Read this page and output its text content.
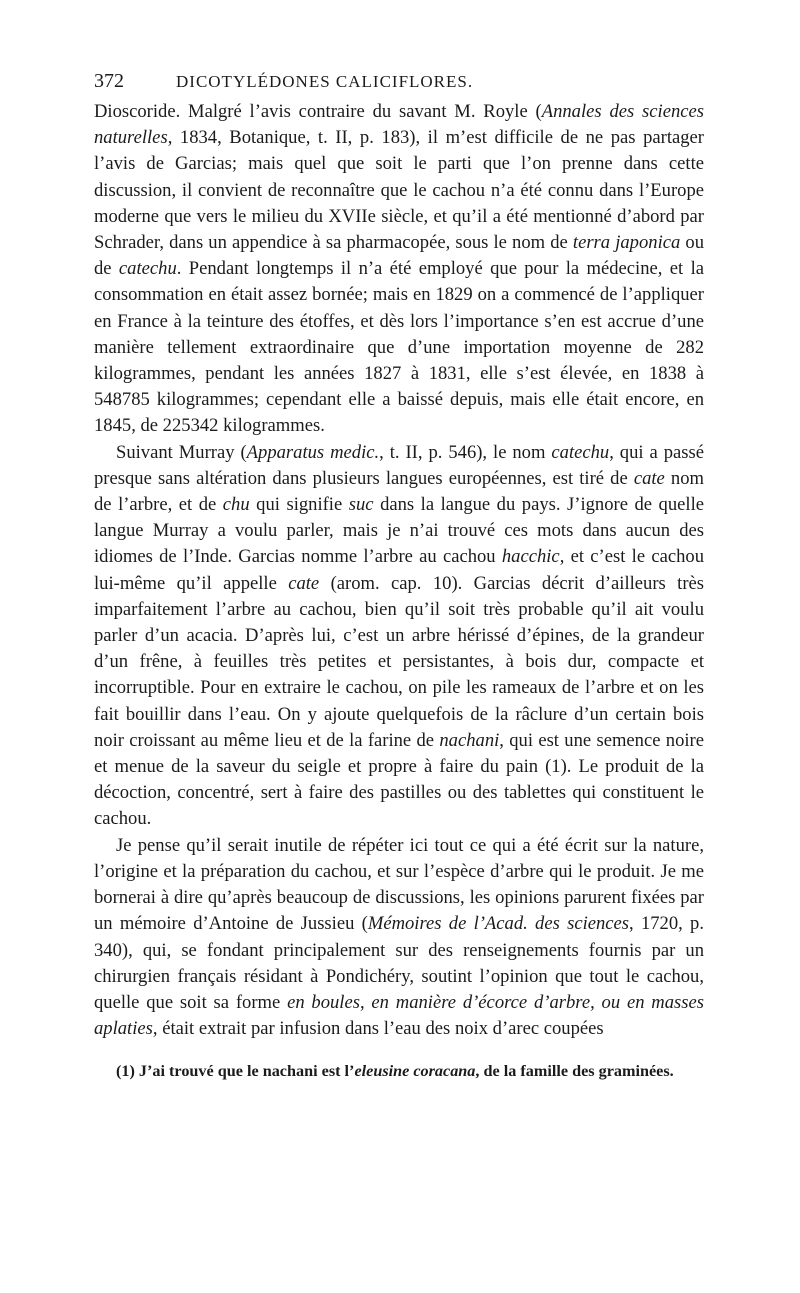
372	DICOTYLÉDONES CALICIFLORES.

Dioscoride. Malgré l’avis contraire du savant M. Royle (Annales des sciences naturelles, 1834, Botanique, t. II, p. 183), il m’est difficile de ne pas partager l’avis de Garcias; mais quel que soit le parti que l’on prenne dans cette discussion, il convient de reconnaître que le cachou n’a été connu dans l’Europe moderne que vers le milieu du XVIIe siècle, et qu’il a été mentionné d’abord par Schrader, dans un appendice à sa pharmacopée, sous le nom de terra japonica ou de catechu. Pendant longtemps il n’a été employé que pour la médecine, et la consommation en était assez bornée; mais en 1829 on a commencé de l’appliquer en France à la teinture des étoffes, et dès lors l’importance s’en est accrue d’une manière tellement extraordinaire que d’une importation moyenne de 282 kilogrammes, pendant les années 1827 à 1831, elle s’est élevée, en 1838 à 548785 kilogrammes; cependant elle a baissé depuis, mais elle était encore, en 1845, de 225342 kilogrammes.

Suivant Murray (Apparatus medic., t. II, p. 546), le nom catechu, qui a passé presque sans altération dans plusieurs langues européennes, est tiré de cate nom de l’arbre, et de chu qui signifie suc dans la langue du pays. J’ignore de quelle langue Murray a voulu parler, mais je n’ai trouvé ces mots dans aucun des idiomes de l’Inde. Garcias nomme l’arbre au cachou hacchic, et c’est le cachou lui-même qu’il appelle cate (arom. cap. 10). Garcias décrit d’ailleurs très imparfaitement l’arbre au cachou, bien qu’il soit très probable qu’il ait voulu parler d’un acacia. D’après lui, c’est un arbre hérissé d’épines, de la grandeur d’un frêne, à feuilles très petites et persistantes, à bois dur, compacte et incorruptible. Pour en extraire le cachou, on pile les rameaux de l’arbre et on les fait bouillir dans l’eau. On y ajoute quelquefois de la râclure d’un certain bois noir croissant au même lieu et de la farine de nachani, qui est une semence noire et menue de la saveur du seigle et propre à faire du pain (1). Le produit de la décoction, concentré, sert à faire des pastilles ou des tablettes qui constituent le cachou.

Je pense qu’il serait inutile de répéter ici tout ce qui a été écrit sur la nature, l’origine et la préparation du cachou, et sur l’espèce d’arbre qui le produit. Je me bornerai à dire qu’après beaucoup de discussions, les opinions parurent fixées par un mémoire d’Antoine de Jussieu (Mémoires de l’Acad. des sciences, 1720, p. 340), qui, se fondant principalement sur des renseignements fournis par un chirurgien français résidant à Pondichéry, soutint l’opinion que tout le cachou, quelle que soit sa forme en boules, en manière d’écorce d’arbre, ou en masses aplaties, était extrait par infusion dans l’eau des noix d’arec coupées

(1) J’ai trouvé que le nachani est l’eleusine coracana, de la famille des graminées.
